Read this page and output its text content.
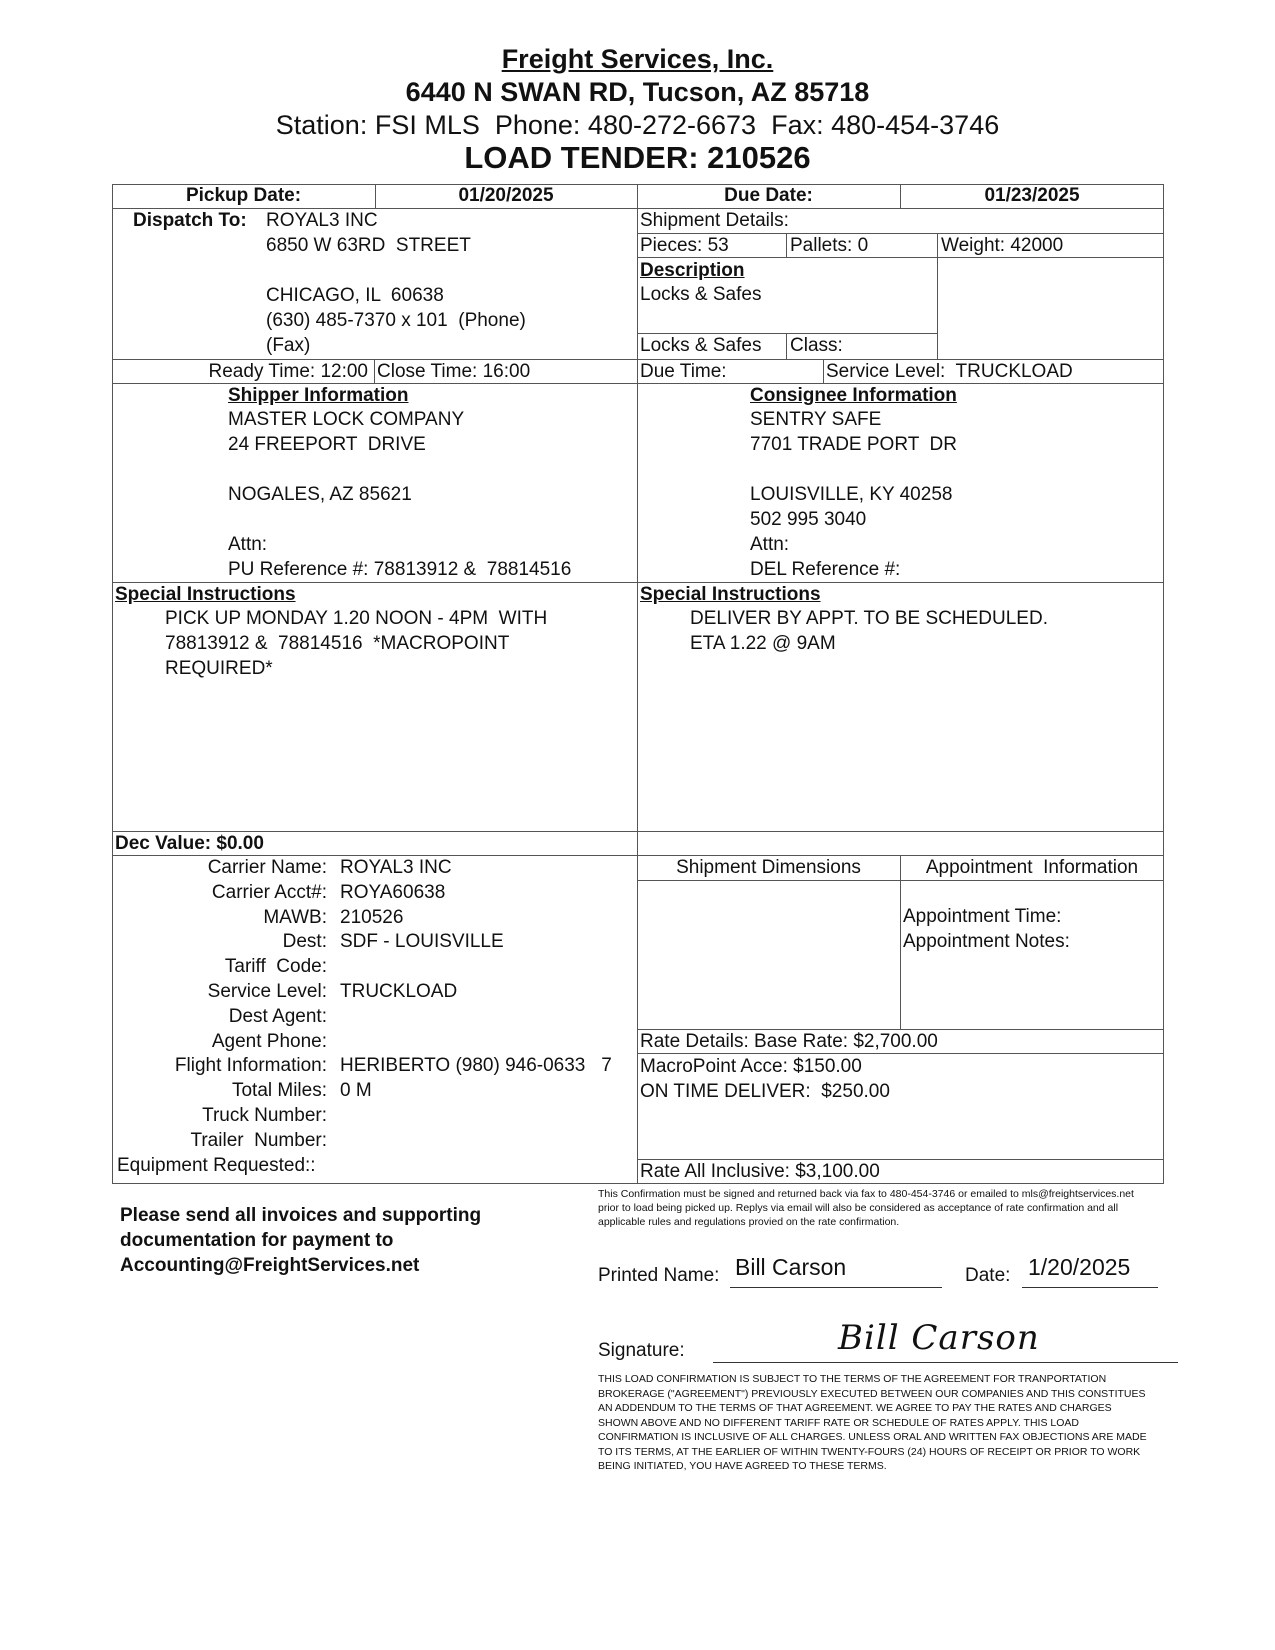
Freight Services, Inc.
6440 N SWAN RD, Tucson, AZ 85718
Station: FSI MLS  Phone: 480-272-6673  Fax: 480-454-3746
LOAD TENDER: 210526
Pickup Date:	01/20/2025	Due Date:	01/23/2025
Dispatch To: ROYAL3 INC
6850 W 63RD  STREET
CHICAGO, IL  60638
(630) 485-7370 x 101  (Phone)
(Fax)
Shipment Details:
Pieces: 53	Pallets: 0	Weight: 42000
Description
Locks & Safes
Locks & Safes Class:
Ready Time: 12:00 Close Time: 16:00	Due Time:	Service Level:  TRUCKLOAD
Shipper Information
MASTER LOCK COMPANY
24 FREEPORT  DRIVE
NOGALES, AZ 85621
Attn:
PU Reference #: 78813912 &  78814516
Consignee Information
SENTRY SAFE
7701 TRADE PORT  DR
LOUISVILLE, KY 40258
502 995 3040
Attn:
DEL Reference #:
Special Instructions
PICK UP MONDAY 1.20 NOON - 4PM  WITH
78813912 &  78814516  *MACROPOINT
REQUIRED*
Special Instructions
DELIVER BY APPT. TO BE SCHEDULED.
ETA 1.22 @ 9AM
Dec Value: $0.00
Carrier Name: ROYAL3 INC
Carrier Acct#: ROYA60638
MAWB: 210526
Dest: SDF - LOUISVILLE
Tariff  Code:
Service Level: TRUCKLOAD
Dest Agent:
Agent Phone:
Flight Information: HERIBERTO (980) 946-0633   7
Total Miles: 0 M
Truck Number:
Trailer  Number:
Equipment Requested::
Shipment Dimensions	Appointment  Information
Appointment Time:
Appointment Notes:
Rate Details: Base Rate: $2,700.00
MacroPoint Acce: $150.00
ON TIME DELIVER:  $250.00
Rate All Inclusive: $3,100.00
Please send all invoices and supporting
documentation for payment to
Accounting@FreightServices.net
This Confirmation must be signed and returned back via fax to 480-454-3746 or emailed to mls@freightservices.net prior to load being picked up. Replys via email will also be considered as acceptance of rate confirmation and all applicable rules and regulations provied on the rate confirmation.
Printed Name: Bill Carson	Date: 1/20/2025
Signature:	Bill Carson
THIS LOAD CONFIRMATION IS SUBJECT TO THE TERMS OF THE AGREEMENT FOR TRANPORTATION BROKERAGE ("AGREEMENT") PREVIOUSLY EXECUTED BETWEEN OUR COMPANIES AND THIS CONSTITUES AN ADDENDUM TO THE TERMS OF THAT AGREEMENT. WE AGREE TO PAY THE RATES AND CHARGES SHOWN ABOVE AND NO DIFFERENT TARIFF RATE OR SCHEDULE OF RATES APPLY. THIS LOAD CONFIRMATION IS INCLUSIVE OF ALL CHARGES. UNLESS ORAL AND WRITTEN FAX OBJECTIONS ARE MADE TO ITS TERMS, AT THE EARLIER OF WITHIN TWENTY-FOURS (24) HOURS OF RECEIPT OR PRIOR TO WORK BEING INITIATED, YOU HAVE AGREED TO THESE TERMS.
